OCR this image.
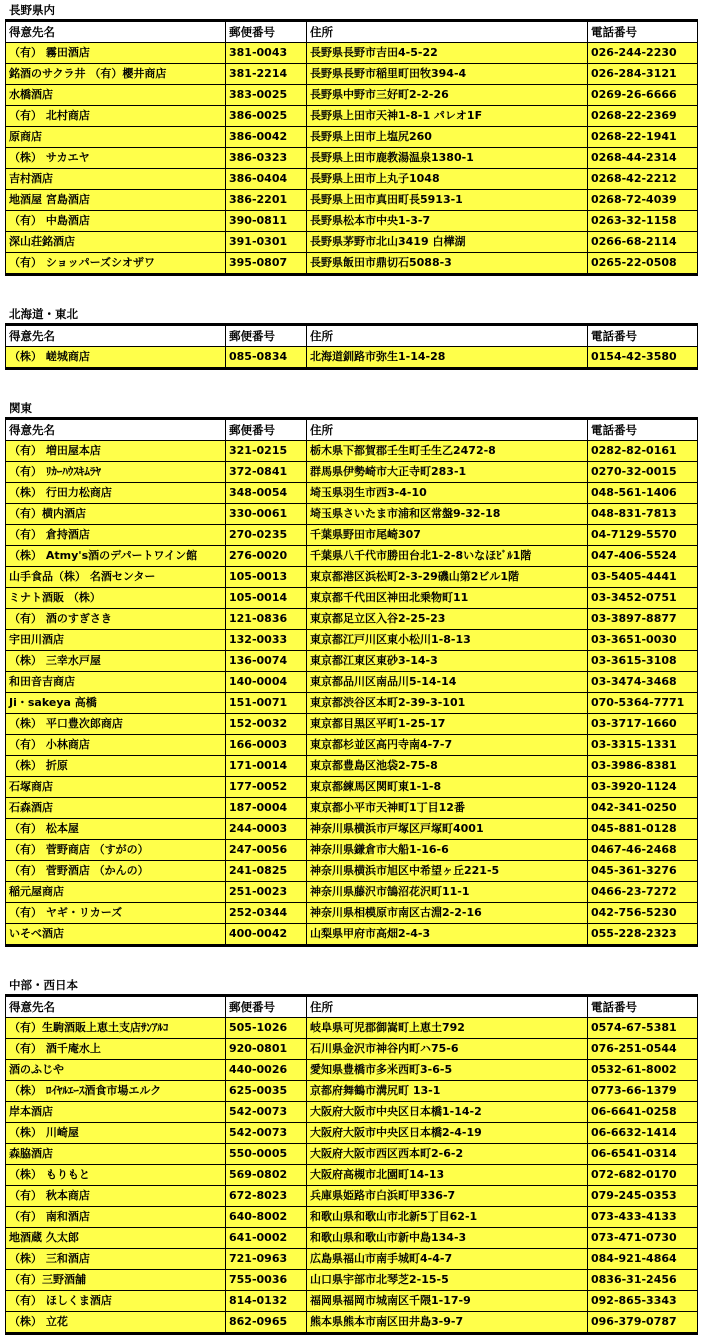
長野県内
得意先名	郵便番号	住所	電話番号
（有） 霧田酒店	381-0043	長野県長野市吉田4-5-22	026-244-2230
銘酒のサクラ井 （有）櫻井商店	381-2214	長野県長野市稲里町田牧394-4	026-284-3121
水橋酒店	383-0025	長野県中野市三好町2-2-26	0269-26-6666
（有） 北村商店	386-0025	長野県上田市天神1-8-1 パレオ1F	0268-22-2369
原商店	386-0042	長野県上田市上塩尻260	0268-22-1941
（株） サカエヤ	386-0323	長野県上田市鹿教湯温泉1380-1	0268-44-2314
吉村酒店	386-0404	長野県上田市上丸子1048	0268-42-2212
地酒屋 宮島酒店	386-2201	長野県上田市真田町長5913-1	0268-72-4039
（有） 中島酒店	390-0811	長野県松本市中央1-3-7	0263-32-1158
深山荘銘酒店	391-0301	長野県茅野市北山3419 白樺湖	0266-68-2114
（有） ショッパーズシオザワ	395-0807	長野県飯田市鼎切石5088-3	0265-22-0508
北海道・東北
得意先名	郵便番号	住所	電話番号
（株） 嵯城商店	085-0834	北海道釧路市弥生1-14-28	0154-42-3580
関東
得意先名	郵便番号	住所	電話番号
（有） 増田屋本店	321-0215	栃木県下都賀郡壬生町壬生乙2472-8	0282-82-0161
（有） ﾘｶｰﾊｳｽｷﾑﾗﾔ	372-0841	群馬県伊勢崎市大正寺町283-1	0270-32-0015
（株） 行田力松商店	348-0054	埼玉県羽生市西3-4-10	048-561-1406
（有）横内酒店	330-0061	埼玉県さいたま市浦和区常盤9-32-18	048-831-7813
（有） 倉持酒店	270-0235	千葉県野田市尾崎307	04-7129-5570
（株） Atmy's酒のデパートワイン館	276-0020	千葉県八千代市勝田台北1-2-8いなほﾋﾞﾙ1階	047-406-5524
山手食品（株） 名酒センター	105-0013	東京都港区浜松町2-3-29磯山第2ビル1階	03-5405-4441
ミナト酒販 （株）	105-0014	東京都千代田区神田北乗物町11	03-3452-0751
（有） 酒のすぎさき	121-0836	東京都足立区入谷2-25-23	03-3897-8877
宇田川酒店	132-0033	東京都江戸川区東小松川1-8-13	03-3651-0030
（株） 三幸水戸屋	136-0074	東京都江東区東砂3-14-3	03-3615-3108
和田音吉商店	140-0004	東京都品川区南品川5-14-14	03-3474-3468
Ji・sakeya 高橋	151-0071	東京都渋谷区本町2-39-3-101	070-5364-7771
（株） 平口豊次郎商店	152-0032	東京都目黒区平町1-25-17	03-3717-1660
（有） 小林商店	166-0003	東京都杉並区高円寺南4-7-7	03-3315-1331
（株） 折原	171-0014	東京都豊島区池袋2-75-8	03-3986-8381
石塚商店	177-0052	東京都練馬区関町東1-1-8	03-3920-1124
石森酒店	187-0004	東京都小平市天神町1丁目12番	042-341-0250
（有） 松本屋	244-0003	神奈川県横浜市戸塚区戸塚町4001	045-881-0128
（有） 菅野商店 （すがの）	247-0056	神奈川県鎌倉市大船1-16-6	0467-46-2468
（有） 菅野酒店 （かんの）	241-0825	神奈川県横浜市旭区中希望ヶ丘221-5	045-361-3276
稲元屋商店	251-0023	神奈川県藤沢市鵠沼花沢町11-1	0466-23-7272
（有） ヤギ・リカーズ	252-0344	神奈川県相模原市南区古淵2-2-16	042-756-5230
いそべ酒店	400-0042	山梨県甲府市高畑2-4-3	055-228-2323
中部・西日本
得意先名	郵便番号	住所	電話番号
（有）生駒酒販上恵土支店ｻﾝｱﾙｺ	505-1026	岐阜県可児郡御嵩町上恵土792	0574-67-5381
（有） 酒千庵水上	920-0801	石川県金沢市神谷内町ハ75-6	076-251-0544
酒のふじや	440-0026	愛知県豊橋市多米西町3-6-5	0532-61-8002
（株） ﾛｲﾔﾙｴｰｽ酒食市場エルク	625-0035	京都府舞鶴市溝尻町 13-1	0773-66-1379
岸本酒店	542-0073	大阪府大阪市中央区日本橋1-14-2	06-6641-0258
（株） 川崎屋	542-0073	大阪府大阪市中央区日本橋2-4-19	06-6632-1414
森脇酒店	550-0005	大阪府大阪市西区西本町2-6-2	06-6541-0314
（株） もりもと	569-0802	大阪府高槻市北園町14-13	072-682-0170
（有） 秋本商店	672-8023	兵庫県姫路市白浜町甲336-7	079-245-0353
（有） 南和酒店	640-8002	和歌山県和歌山市北新5丁目62-1	073-433-4133
地酒蔵 久太郎	641-0002	和歌山県和歌山市新中島134-3	073-471-0730
（株） 三和酒店	721-0963	広島県福山市南手城町4-4-7	084-921-4864
（有）三野酒舗	755-0036	山口県宇部市北琴芝2-15-5	0836-31-2456
（有） ほしくま酒店	814-0132	福岡県福岡市城南区千隈1-17-9	092-865-3343
（株） 立花	862-0965	熊本県熊本市南区田井島3-9-7	096-379-0787
